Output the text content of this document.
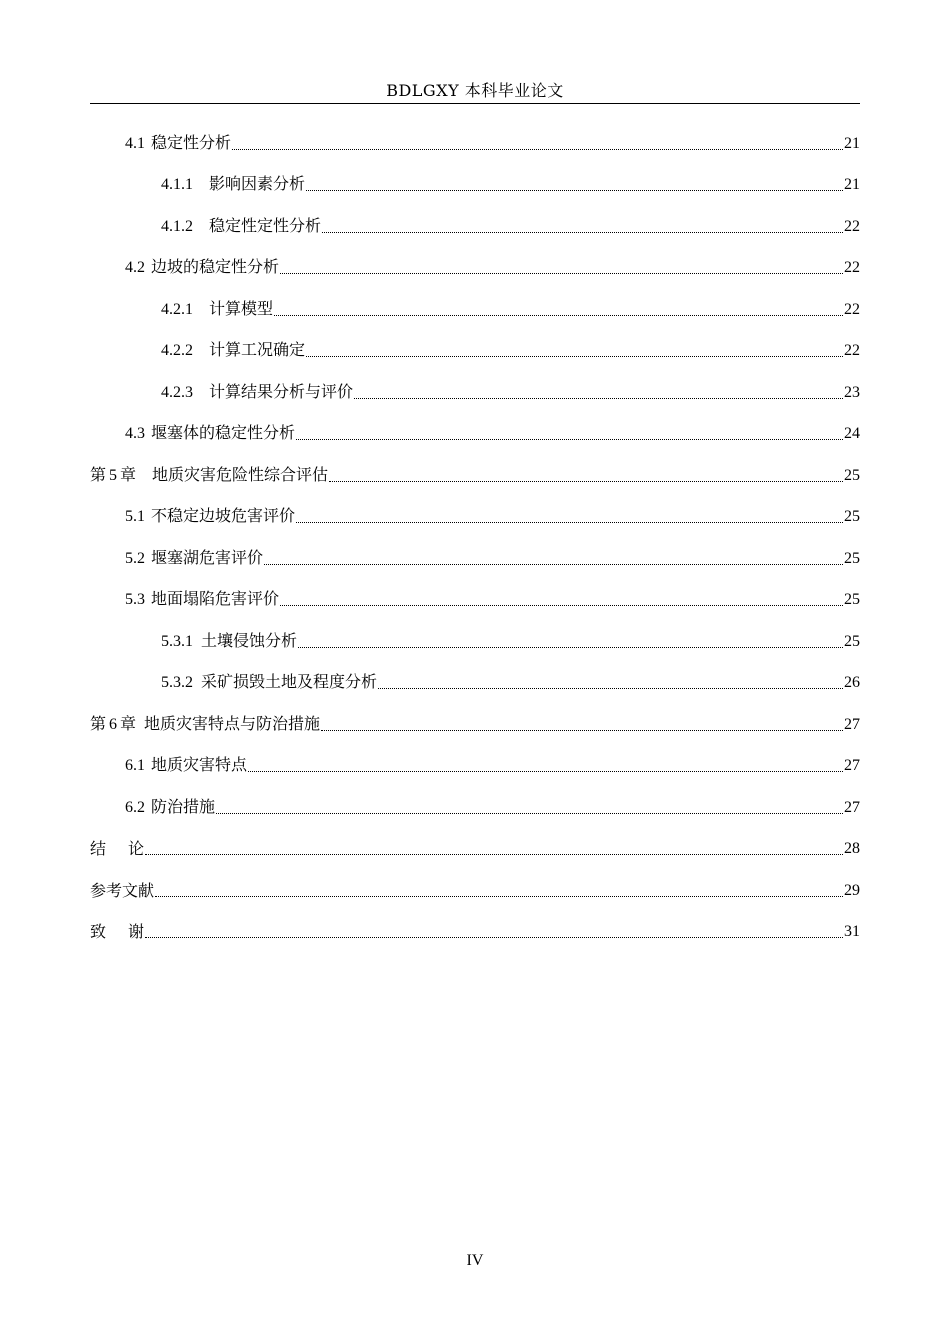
BDLGXY 本科毕业论文
4.1 稳定性分析	21
4.1.1 影响因素分析	21
4.1.2 稳定性定性分析	22
4.2 边坡的稳定性分析	22
4.2.1 计算模型	22
4.2.2 计算工况确定	22
4.2.3 计算结果分析与评价	23
4.3 堰塞体的稳定性分析	24
第 5 章 地质灾害危险性综合评估	25
5.1 不稳定边坡危害评价	25
5.2 堰塞湖危害评价	25
5.3 地面塌陷危害评价	25
5.3.1 土壤侵蚀分析	25
5.3.2 采矿损毁土地及程度分析	26
第 6 章 地质灾害特点与防治措施	27
6.1 地质灾害特点	27
6.2 防治措施	27
结论	28
参考文献	29
致谢	31
IV
